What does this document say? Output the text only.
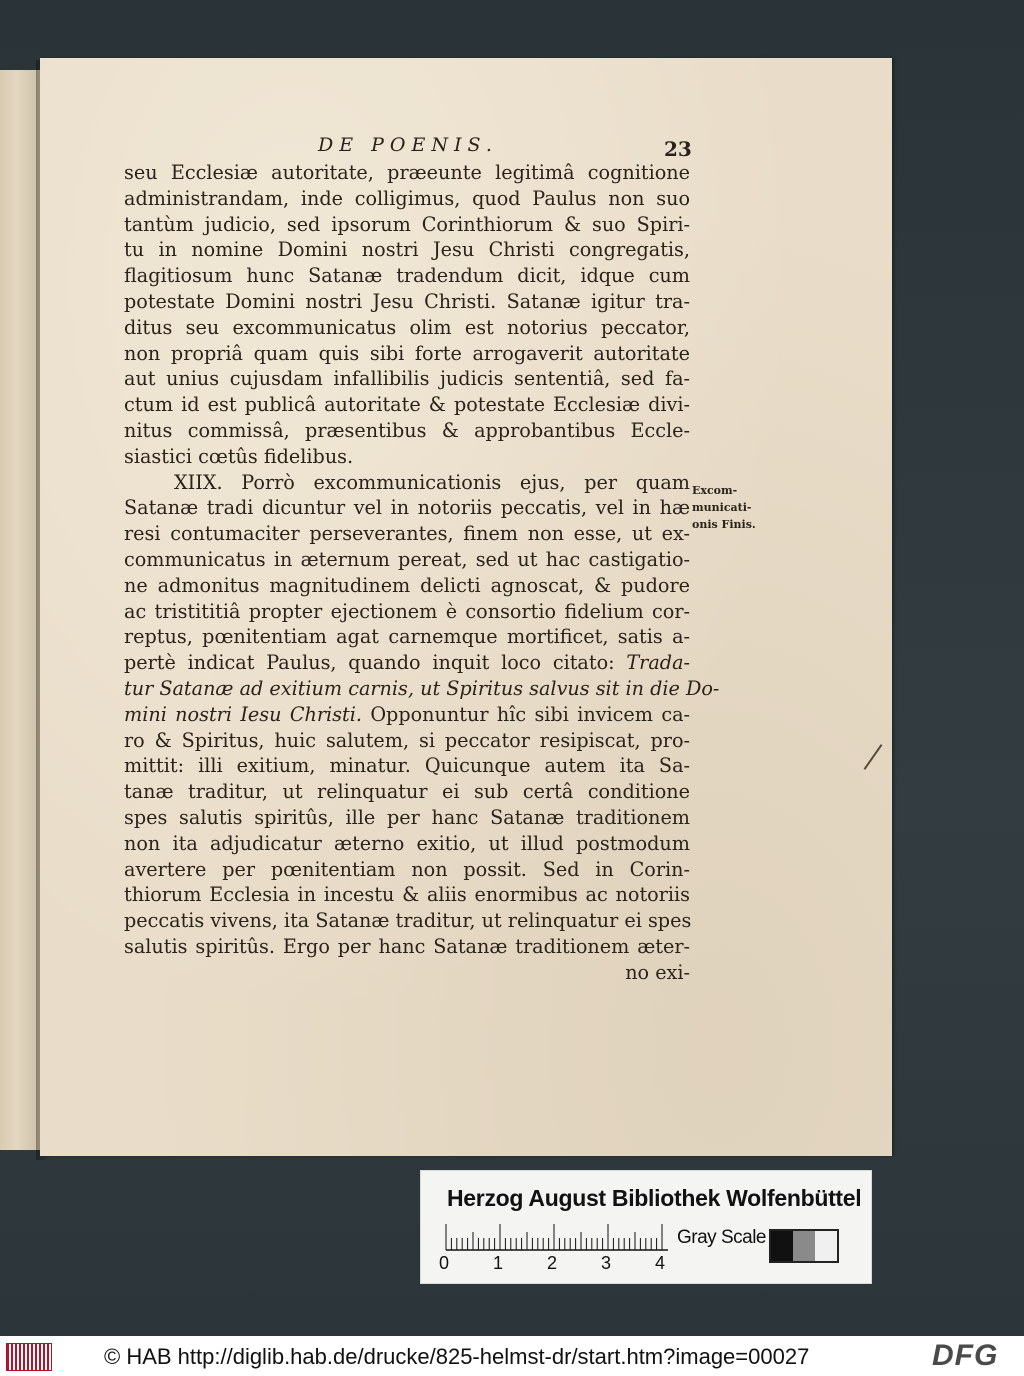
DE POENIS.	23
seu Ecclesiæ autoritate, præeunte legitimâ cognitione
administrandam, inde colligimus, quod Paulus non suo
tantùm judicio, sed ipsorum Corinthiorum & suo Spiri-
tu in nomine Domini nostri Jesu Christi congregatis,
flagitiosum hunc Satanæ tradendum dicit, idque cum
potestate Domini nostri Jesu Christi. Satanæ igitur tra-
ditus seu excommunicatus olim est notorius peccator,
non propriâ quam quis sibi forte arrogaverit autoritate
aut unius cujusdam infallibilis judicis sententiâ, sed fa-
ctum id est publicâ autoritate & potestate Ecclesiæ divi-
nitus commissâ, præsentibus & approbantibus Eccle-
siastici cœtûs fidelibus.
XIIX. Porrò excommunicationis ejus, per quam
Satanæ tradi dicuntur vel in notoriis peccatis, vel in hæ
resi contumaciter perseverantes, finem non esse, ut ex-
communicatus in æternum pereat, sed ut hac castigatio-
ne admonitus magnitudinem delicti agnoscat, & pudore
ac tristititiâ propter ejectionem è consortio fidelium cor-
reptus, pœnitentiam agat carnemque mortificet, satis a-
pertè indicat Paulus, quando inquit loco citato: Trada-
tur Satanæ ad exitium carnis, ut Spiritus salvus sit in die Do-
mini nostri Iesu Christi. Opponuntur hîc sibi invicem ca-
ro & Spiritus, huic salutem, si peccator resipiscat, pro-
mittit: illi exitium, minatur. Quicunque autem ita Sa-
tanæ traditur, ut relinquatur ei sub certâ conditione
spes salutis spiritûs, ille per hanc Satanæ traditionem
non ita adjudicatur æterno exitio, ut illud postmodum
avertere per pœnitentiam non possit. Sed in Corin-
thiorum Ecclesia in incestu & aliis enormibus ac notoriis
peccatis vivens, ita Satanæ traditur, ut relinquatur ei spes
salutis spiritûs. Ergo per hanc Satanæ traditionem æter-
no exi-
Excom-
municati-
onis Finis.
Herzog August Bibliothek Wolfenbüttel
0 1 2 3 4
Gray Scale
© HAB http://diglib.hab.de/drucke/825-helmst-dr/start.htm?image=00027	DFG
